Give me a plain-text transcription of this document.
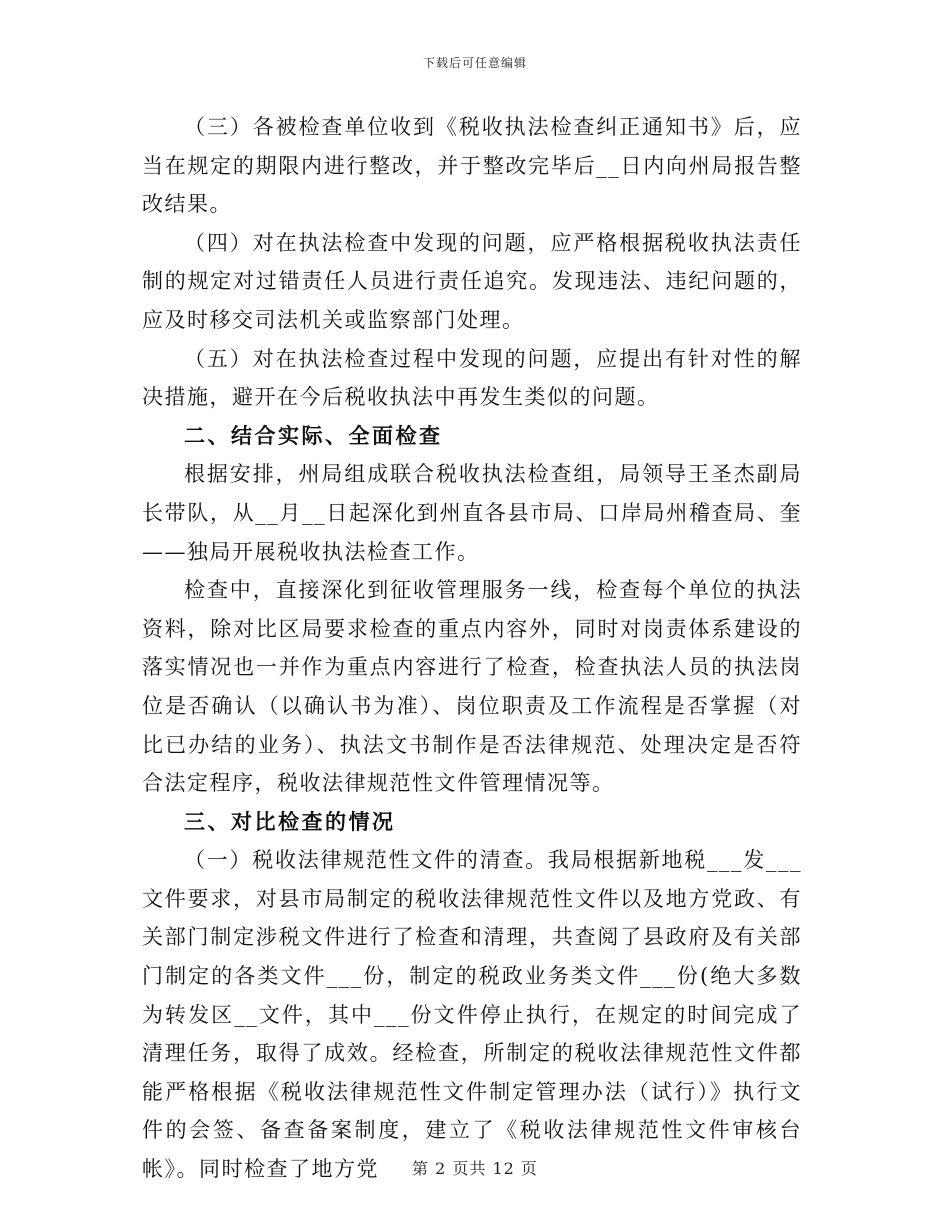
下载后可任意编辑

（三）各被检查单位收到《税收执法检查纠正通知书》后，应当在规定的期限内进行整改，并于整改完毕后__日内向州局报告整改结果。

（四）对在执法检查中发现的问题，应严格根据税收执法责任制的规定对过错责任人员进行责任追究。发现违法、违纪问题的，应及时移交司法机关或监察部门处理。

（五）对在执法检查过程中发现的问题，应提出有针对性的解决措施，避开在今后税收执法中再发生类似的问题。

二、结合实际、全面检查

根据安排，州局组成联合税收执法检查组，局领导王圣杰副局长带队，从__月__日起深化到州直各县市局、口岸局州稽查局、奎——独局开展税收执法检查工作。

检查中，直接深化到征收管理服务一线，检查每个单位的执法资料，除对比区局要求检查的重点内容外，同时对岗责体系建设的落实情况也一并作为重点内容进行了检查，检查执法人员的执法岗位是否确认（以确认书为准）、岗位职责及工作流程是否掌握（对比已办结的业务）、执法文书制作是否法律规范、处理决定是否符合法定程序，税收法律规范性文件管理情况等。

三、对比检查的情况

（一）税收法律规范性文件的清查。我局根据新地税___发___文件要求，对县市局制定的税收法律规范性文件以及地方党政、有关部门制定涉税文件进行了检查和清理，共查阅了县政府及有关部门制定的各类文件___份，制定的税政业务类文件___份(绝大多数为转发区__文件，其中___份文件停止执行，在规定的时间完成了清理任务，取得了成效。经检查，所制定的税收法律规范性文件都能严格根据《税收法律规范性文件制定管理办法（试行）》执行文件的会签、备查备案制度，建立了《税收法律规范性文件审核台帐》。同时检查了地方党	第 2 页共 12 页
